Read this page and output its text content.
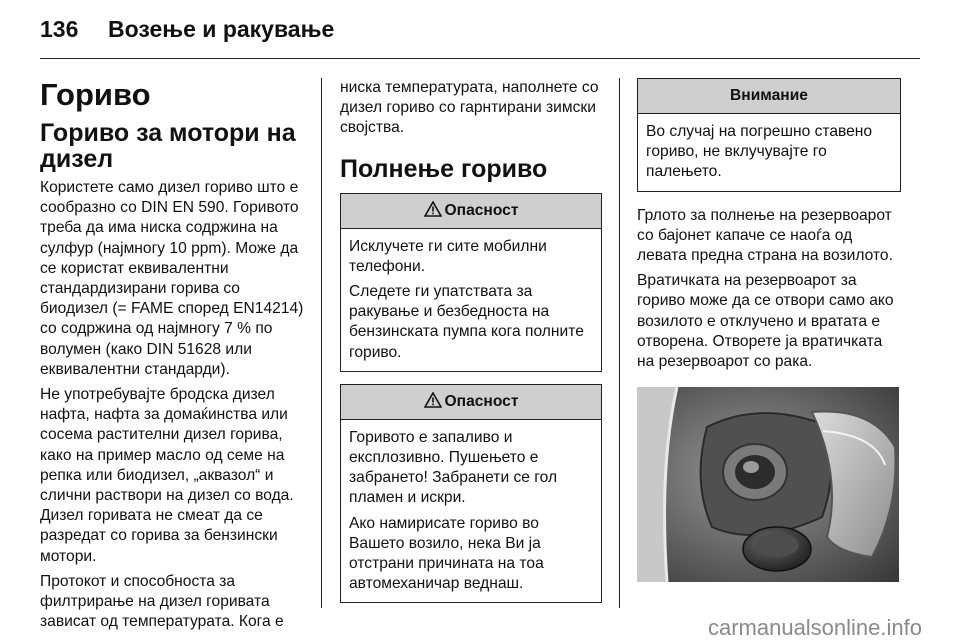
136 Возење и ракување
Гориво
Гориво за мотори на дизел

Користете само дизел гориво што е сообразно со DIN EN 590. Горивото треба да има ниска содржина на сулфур (најмногу 10 ppm). Може да се користат еквивалентни стандардизирани горива со биодизел (= FAME според EN14214) со содржина од најмногу 7 % по волумен (како DIN 51628 или еквивалентни стандарди).

Не употребувајте бродска дизел нафта, нафта за домаќинства или сосема растителни дизел горива, како на пример масло од семе на репка или биодизел, „аквазол“ и слични раствори на дизел со вода. Дизел горивата не смеат да се разредат со горива за бензински мотори.

Протокот и способноста за филтрирање на дизел горивата зависат од температурата. Кога е

ниска температурата, наполнете со дизел гориво со гарнтирани зимски својства.

Полнење гориво
Опасност

Исклучете ги сите мобилни телефони.

Следете ги упатствата за ракување и безбедноста на бензинската пумпа кога полните гориво.

Опасност

Горивото е запаливо и експлозивно. Пушењето е забрането! Забранети се гол пламен и искри.

Ако намирисате гориво во Вашето возило, нека Ви ја отстрани причината на тоа автомеханичар веднаш.

Внимание

Во случај на погрешно ставено гориво, не вклучувајте го палењето.

Грлото за полнење на резервоарот со бајонет капаче се наоѓа од левата предна страна на возилото.

Вратичката на резервоарот за гориво може да се отвори само ако возилото е отклучено и вратата е отворена. Отворете ја вратичката на резервоарот со рака.

carmanualsonline.info
